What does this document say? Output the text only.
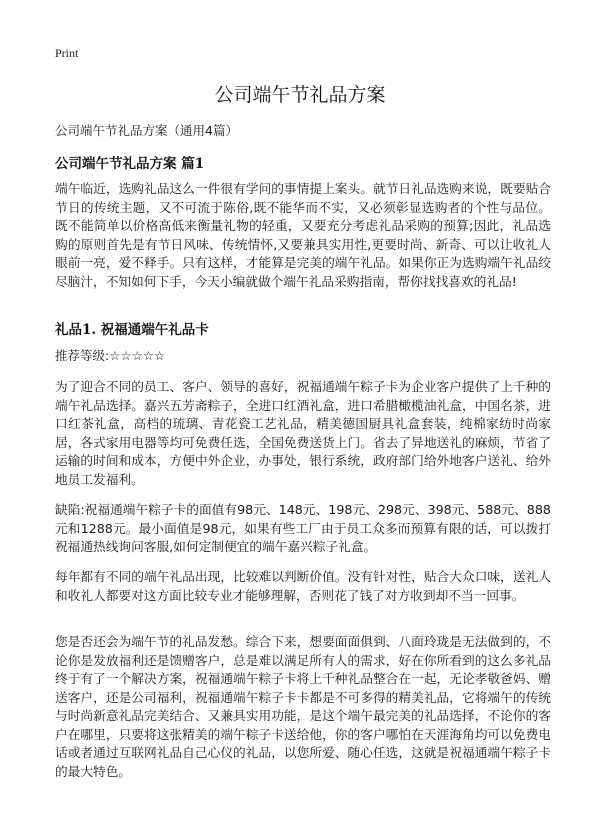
Print
公司端午节礼品方案
公司端午节礼品方案（通用4篇）
公司端午节礼品方案 篇1
端午临近，选购礼品这么一件很有学问的事情提上案头。就节日礼品选购来说，既要贴合节日的传统主题，又不可流于陈俗,既不能华而不实，又必须彰显选购者的个性与品位。既不能简单以价格高低来衡量礼物的轻重，又要充分考虑礼品采购的预算;因此，礼品选购的原则首先是有节日风味、传统情怀,又要兼具实用性,更要时尚、新奇、可以让收礼人眼前一亮，爱不释手。只有这样，才能算是完美的端午礼品。如果你正为选购端午礼品绞尽脑汁，不知如何下手，今天小编就做个端午礼品采购指南，帮你找找喜欢的礼品!
礼品1. 祝福通端午礼品卡
推荐等级:☆☆☆☆☆
为了迎合不同的员工、客户、领导的喜好，祝福通端午粽子卡为企业客户提供了上千种的端午礼品选择。嘉兴五芳斋粽子，全进口红酒礼盒，进口希腊橄榄油礼盒，中国名茶，进口红茶礼盒，高档的琉璃、青花瓷工艺礼品，精美德国厨具礼盒套装，纯棉家纺时尚家居，各式家用电器等均可免费任选，全国免费送货上门。省去了异地送礼的麻烦，节省了运输的时间和成本，方便中外企业，办事处，银行系统，政府部门给外地客户送礼、给外地员工发福利。
缺陷:祝福通端午粽子卡的面值有98元、148元、198元、298元、398元、588元、888元和1288元。最小面值是98元，如果有些工厂由于员工众多而预算有限的话，可以拨打祝福通热线询问客服,如何定制便宜的端午嘉兴粽子礼盒。
每年都有不同的端午礼品出现，比较难以判断价值。没有针对性，贴合大众口味，送礼人和收礼人都要对这方面比较专业才能够理解，否则花了钱了对方收到却不当一回事。
您是否还会为端午节的礼品发愁。综合下来，想要面面俱到、八面玲珑是无法做到的，不论你是发放福利还是馈赠客户，总是难以满足所有人的需求，好在你所看到的这么多礼品终于有了一个解决方案，祝福通端午粽子卡将上千种礼品整合在一起，无论孝敬爸妈、赠送客户，还是公司福利，祝福通端午粽子卡卡都是不可多得的精美礼品，它将端午的传统与时尚新意礼品完美结合、又兼具实用功能，是这个端午最完美的礼品选择，不论你的客户在哪里，只要将这张精美的端午粽子卡送给他，你的客户哪怕在天涯海角均可以免费电话或者通过互联网礼品自己心仪的礼品，以您所爱、随心任选，这就是祝福通端午粽子卡的最大特色。
